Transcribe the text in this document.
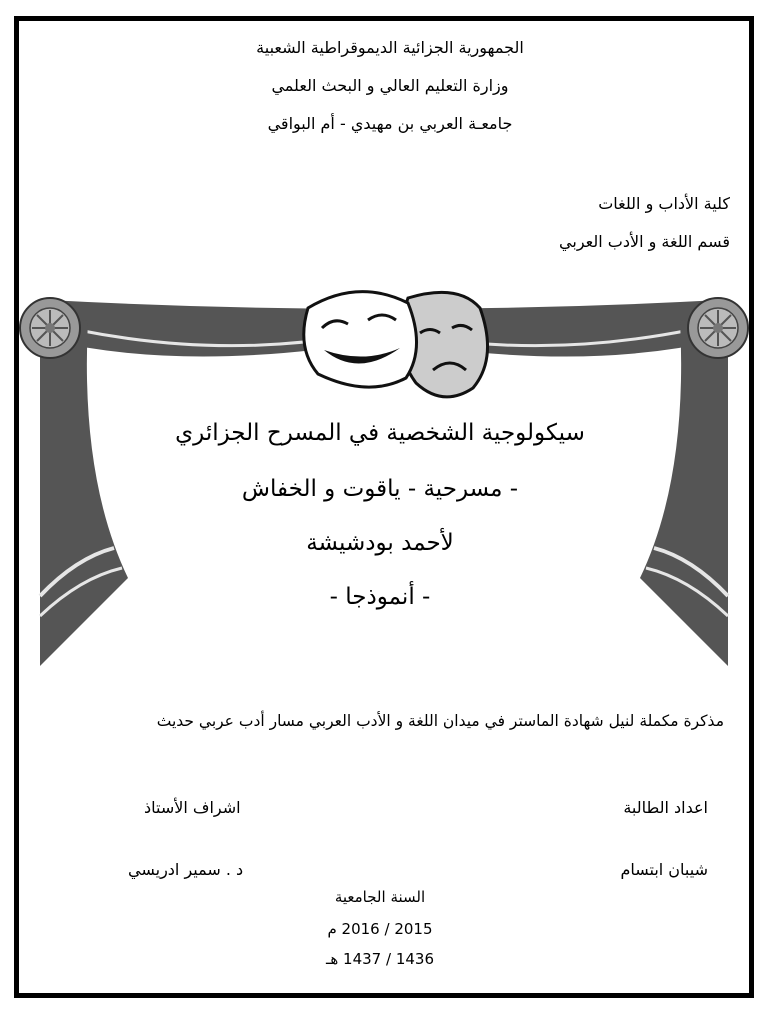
الجمهورية الجزائية الديموقراطية الشعبية
وزارة التعليم العالي و البحث العلمي
جامعـة العربي بن مهيدي - أم البواقي
كلية الأداب و اللغات
قسم اللغة و الأدب العربي
سيكولوجية الشخصية في المسرح الجزائري
- مسرحية - ياقوت و الخفاش
لأحمد بودشيشة
- أنموذجا -
مذكرة مكملة لنيل شهادة الماستر في ميدان اللغة و الأدب العربي مسار أدب عربي حديث
اعداد الطالبة
اشراف الأستاذ
شيبان ابتسام
د . سمير ادريسي
السنة الجامعية
2015 / 2016 م
1436 / 1437 هـ
